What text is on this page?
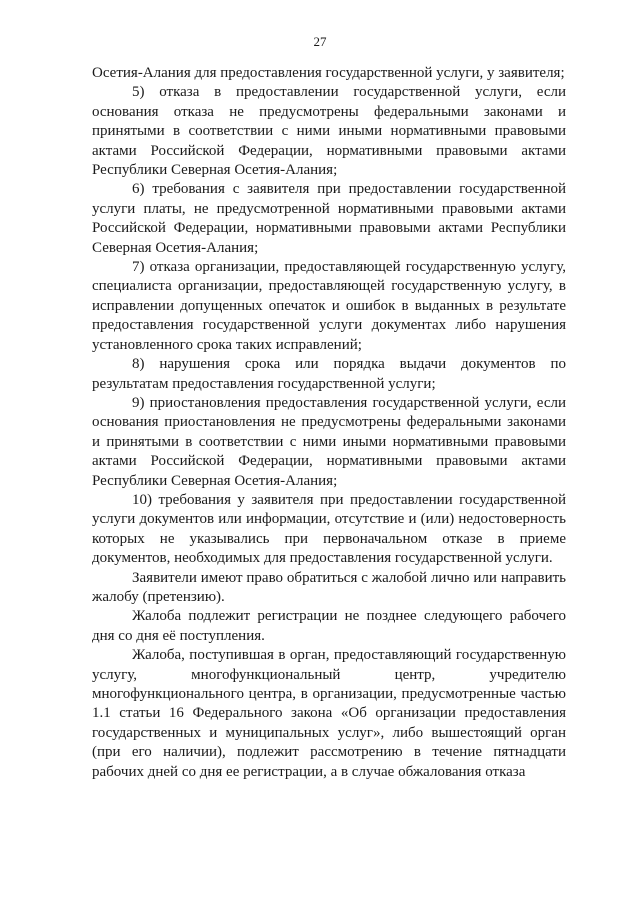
27

Осетия-Алания для предоставления государственной услуги, у заявителя;

5) отказа в предоставлении государственной услуги, если основания отказа не предусмотрены федеральными законами и принятыми в соответствии с ними иными нормативными правовыми актами Российской Федерации, нормативными правовыми актами Республики Северная Осетия-Алания;

6) требования с заявителя при предоставлении государственной услуги платы, не предусмотренной нормативными правовыми актами Российской Федерации, нормативными правовыми актами Республики Северная Осетия-Алания;

7) отказа организации, предоставляющей государственную услугу, специалиста организации, предоставляющей государственную услугу, в исправлении допущенных опечаток и ошибок в выданных в результате предоставления государственной услуги документах либо нарушения установленного срока таких исправлений;

8) нарушения срока или порядка выдачи документов по результатам предоставления государственной услуги;

9) приостановления предоставления государственной услуги, если основания приостановления не предусмотрены федеральными законами и принятыми в соответствии с ними иными нормативными правовыми актами Российской Федерации, нормативными правовыми актами Республики Северная Осетия-Алания;

10) требования у заявителя при предоставлении государственной услуги документов или информации, отсутствие и (или) недостоверность которых не указывались при первоначальном отказе в приеме документов, необходимых для предоставления государственной услуги.

Заявители имеют право обратиться с жалобой лично или направить жалобу (претензию).

Жалоба подлежит регистрации не позднее следующего рабочего дня со дня её поступления.

Жалоба, поступившая в орган, предоставляющий государственную услугу, многофункциональный центр, учредителю многофункционального центра, в организации, предусмотренные частью 1.1 статьи 16 Федерального закона «Об организации предоставления государственных и муниципальных услуг», либо вышестоящий орган (при его наличии), подлежит рассмотрению в течение пятнадцати рабочих дней со дня ее регистрации, а в случае обжалования отказа
